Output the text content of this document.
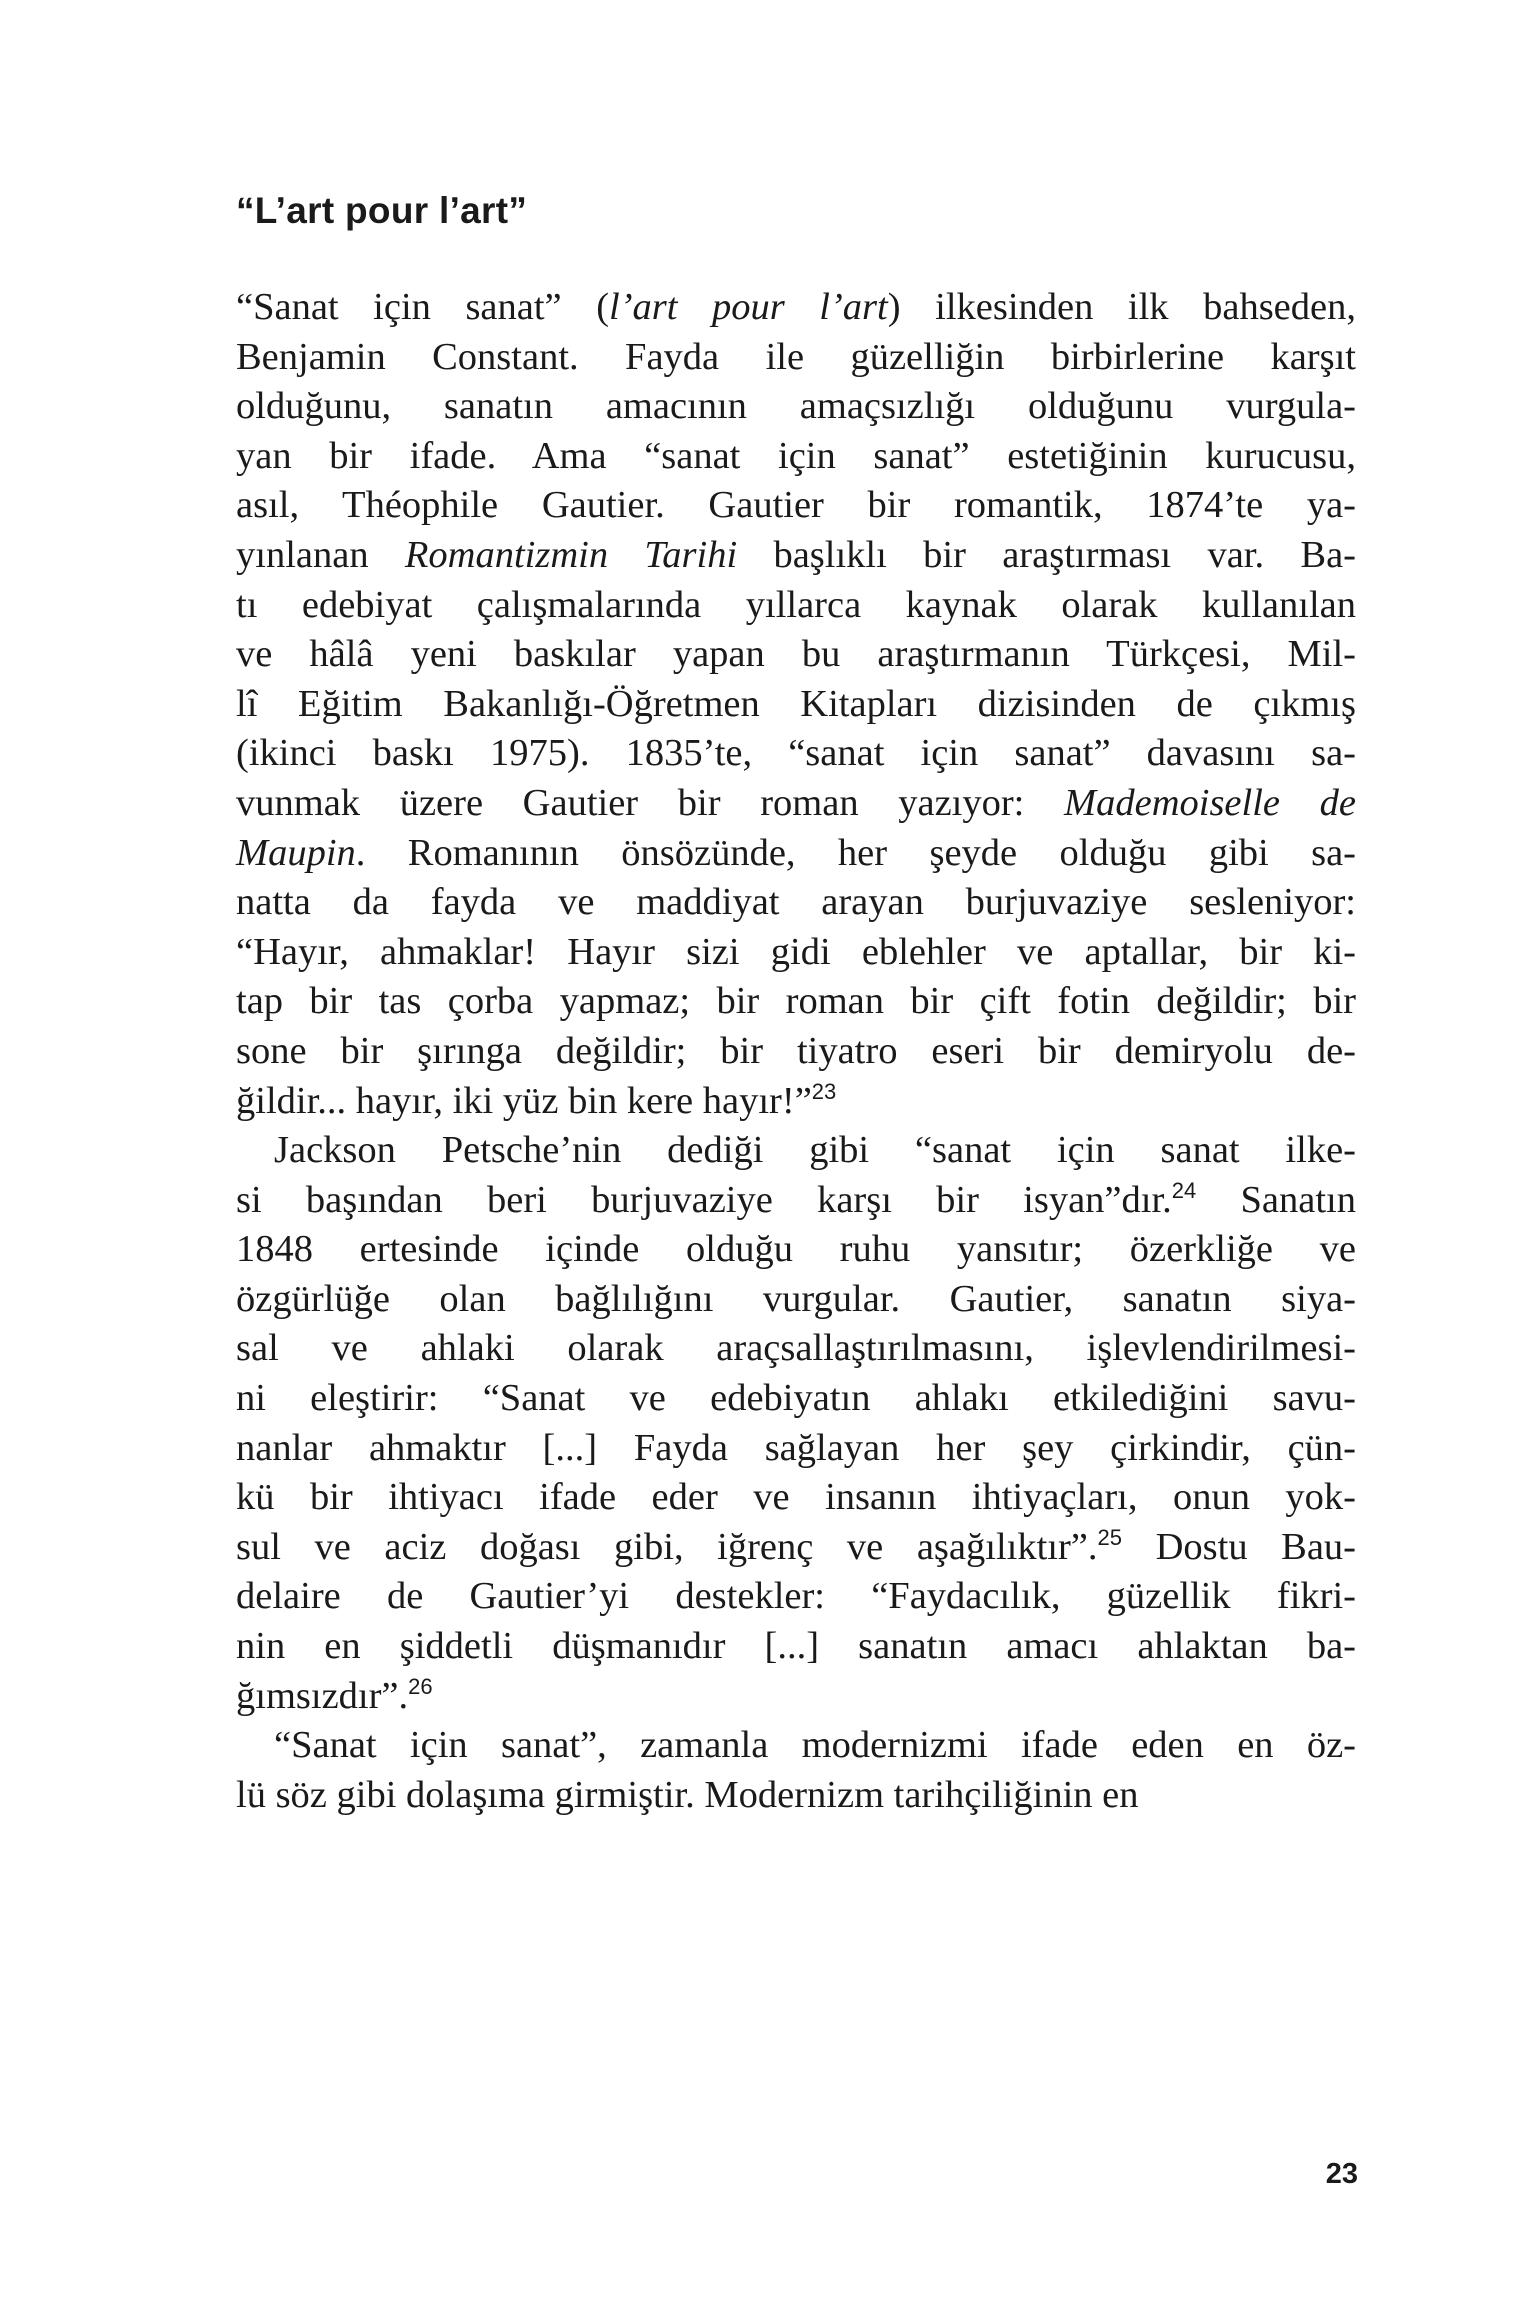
“L’art pour l’art”
“Sanat için sanat” (l’art pour l’art) ilkesinden ilk bahseden,
Benjamin Constant. Fayda ile güzelliğin birbirlerine karşıt
olduğunu, sanatın amacının amaçsızlığı olduğunu vurgula-
yan bir ifade. Ama “sanat için sanat” estetiğinin kurucusu,
asıl, Théophile Gautier. Gautier bir romantik, 1874’te ya-
yınlanan Romantizmin Tarihi başlıklı bir araştırması var. Ba-
tı edebiyat çalışmalarında yıllarca kaynak olarak kullanılan
ve hâlâ yeni baskılar yapan bu araştırmanın Türkçesi, Mil-
lî Eğitim Bakanlığı-Öğretmen Kitapları dizisinden de çıkmış
(ikinci baskı 1975). 1835’te, “sanat için sanat” davasını sa-
vunmak üzere Gautier bir roman yazıyor: Mademoiselle de
Maupin. Romanının önsözünde, her şeyde olduğu gibi sa-
natta da fayda ve maddiyat arayan burjuvaziye sesleniyor:
“Hayır, ahmaklar! Hayır sizi gidi eblehler ve aptallar, bir ki-
tap bir tas çorba yapmaz; bir roman bir çift fotin değildir; bir
sone bir şırınga değildir; bir tiyatro eseri bir demiryolu de-
ğildir... hayır, iki yüz bin kere hayır!”$^{23}$
Jackson Petsche’nin dediği gibi “sanat için sanat ilke-
si başından beri burjuvaziye karşı bir isyan”dır.$^{24}$ Sanatın
1848 ertesinde içinde olduğu ruhu yansıtır; özerkliğe ve
özgürlüğe olan bağlılığını vurgular. Gautier, sanatın siya-
sal ve ahlaki olarak araçsallaştırılmasını, işlevlendirilmesi-
ni eleştirir: “Sanat ve edebiyatın ahlakı etkilediğini savu-
nanlar ahmaktır [...] Fayda sağlayan her şey çirkindir, çün-
kü bir ihtiyacı ifade eder ve insanın ihtiyaçları, onun yok-
sul ve aciz doğası gibi, iğrenç ve aşağılıktır”.$^{25}$ Dostu Bau-
delaire de Gautier’yi destekler: “Faydacılık, güzellik fikri-
nin en şiddetli düşmanıdır [...] sanatın amacı ahlaktan ba-
ğımsızdır”.$^{26}$
“Sanat için sanat”, zamanla modernizmi ifade eden en öz-
lü söz gibi dolaşıma girmiştir. Modernizm tarihçiliğinin en
23
